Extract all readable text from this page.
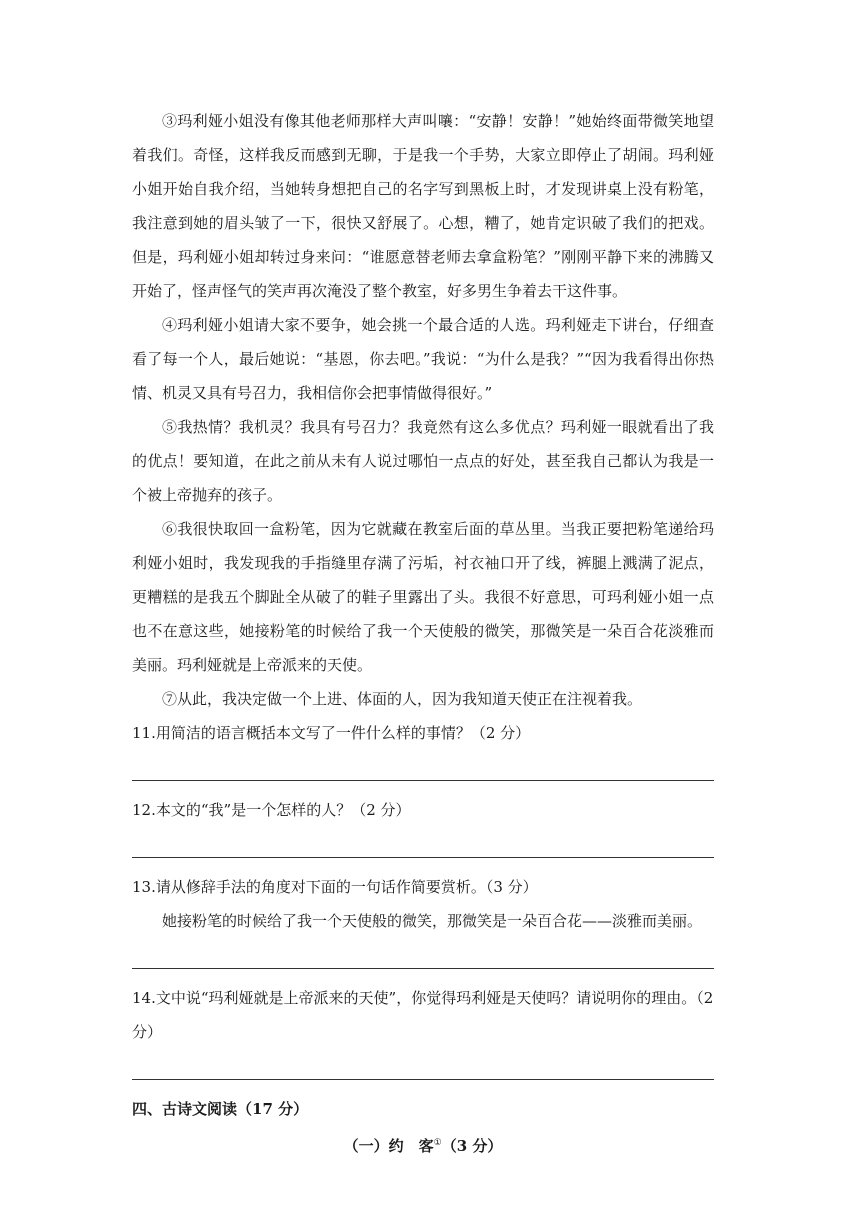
③玛利娅小姐没有像其他老师那样大声叫嚷：“安静！安静！”她始终面带微笑地望着我们。奇怪，这样我反而感到无聊，于是我一个手势，大家立即停止了胡闹。玛利娅小姐开始自我介绍，当她转身想把自己的名字写到黑板上时，才发现讲桌上没有粉笔，我注意到她的眉头皱了一下，很快又舒展了。心想，糟了，她肯定识破了我们的把戏。但是，玛利娅小姐却转过身来问：“谁愿意替老师去拿盒粉笔？”刚刚平静下来的沸腾又开始了，怪声怪气的笑声再次淹没了整个教室，好多男生争着去干这件事。

④玛利娅小姐请大家不要争，她会挑一个最合适的人选。玛利娅走下讲台，仔细查看了每一个人，最后她说：“基恩，你去吧。”我说：“为什么是我？”“因为我看得出你热情、机灵又具有号召力，我相信你会把事情做得很好。”

⑤我热情？我机灵？我具有号召力？我竟然有这么多优点？玛利娅一眼就看出了我的优点！要知道，在此之前从未有人说过哪怕一点点的好处，甚至我自己都认为我是一个被上帝抛弃的孩子。

⑥我很快取回一盒粉笔，因为它就藏在教室后面的草丛里。当我正要把粉笔递给玛利娅小姐时，我发现我的手指缝里存满了污垢，衬衣袖口开了线，裤腿上溅满了泥点，更糟糕的是我五个脚趾全从破了的鞋子里露出了头。我很不好意思，可玛利娅小姐一点也不在意这些，她接粉笔的时候给了我一个天使般的微笑，那微笑是一朵百合花淡雅而美丽。玛利娅就是上帝派来的天使。

⑦从此，我决定做一个上进、体面的人，因为我知道天使正在注视着我。

11.用简洁的语言概括本文写了一件什么样的事情？（2 分）

12.本文的“我”是一个怎样的人？（2 分）

13.请从修辞手法的角度对下面的一句话作简要赏析。（3 分）

她接粉笔的时候给了我一个天使般的微笑，那微笑是一朵百合花——淡雅而美丽。

14.文中说“玛利娅就是上帝派来的天使”，你觉得玛利娅是天使吗？请说明你的理由。（2 分）

四、古诗文阅读（17 分）

（一）约　客①（3 分）
